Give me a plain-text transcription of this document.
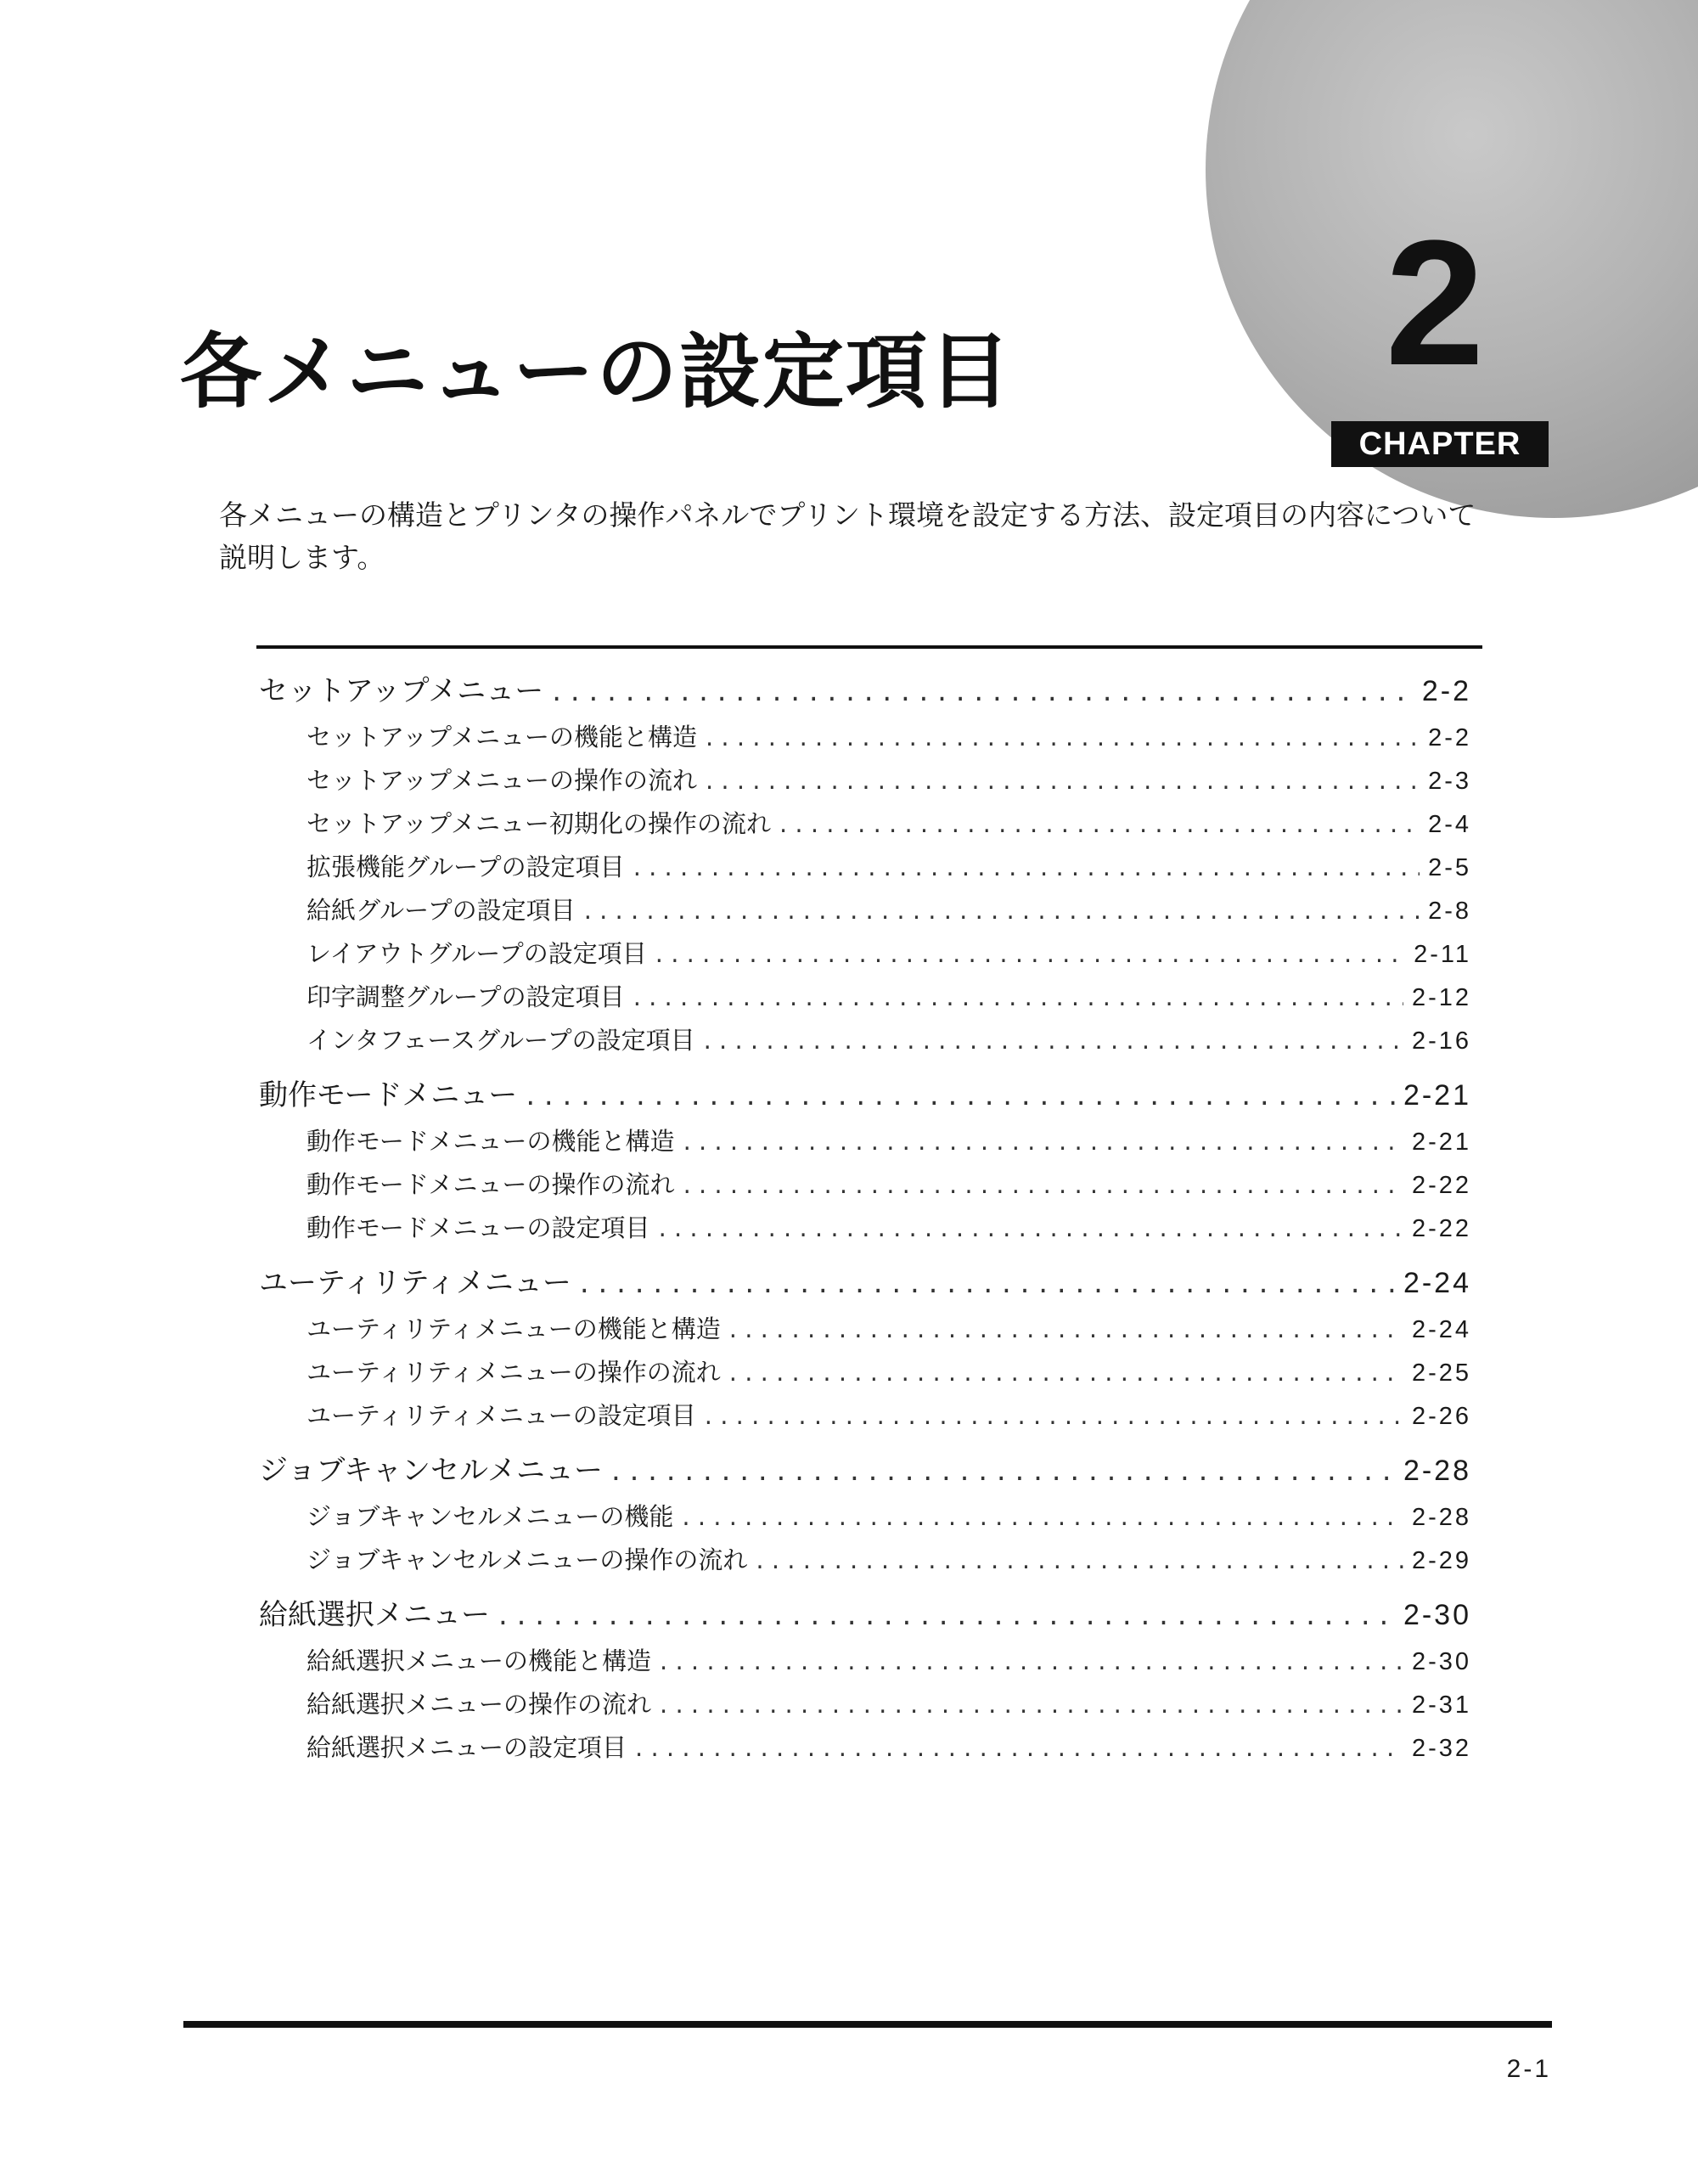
2
CHAPTER
各メニューの設定項目

各メニューの構造とプリンタの操作パネルでプリント環境を設定する方法、設定項目の内容について説明します。

セットアップメニュー . . .	2-2
セットアップメニューの機能と構造 . . .	2-2
セットアップメニューの操作の流れ . . .	2-3
セットアップメニュー初期化の操作の流れ . . .	2-4
拡張機能グループの設定項目 . . .	2-5
給紙グループの設定項目 . . .	2-8
レイアウトグループの設定項目 . . .	2-11
印字調整グループの設定項目 . . .	2-12
インタフェースグループの設定項目 . . .	2-16
動作モードメニュー . . .	2-21
動作モードメニューの機能と構造 . . .	2-21
動作モードメニューの操作の流れ . . .	2-22
動作モードメニューの設定項目 . . .	2-22
ユーティリティメニュー . . .	2-24
ユーティリティメニューの機能と構造 . . .	2-24
ユーティリティメニューの操作の流れ . . .	2-25
ユーティリティメニューの設定項目 . . .	2-26
ジョブキャンセルメニュー . . .	2-28
ジョブキャンセルメニューの機能 . . .	2-28
ジョブキャンセルメニューの操作の流れ . . .	2-29
給紙選択メニュー . . .	2-30
給紙選択メニューの機能と構造 . . .	2-30
給紙選択メニューの操作の流れ . . .	2-31
給紙選択メニューの設定項目 . . .	2-32
2-1
